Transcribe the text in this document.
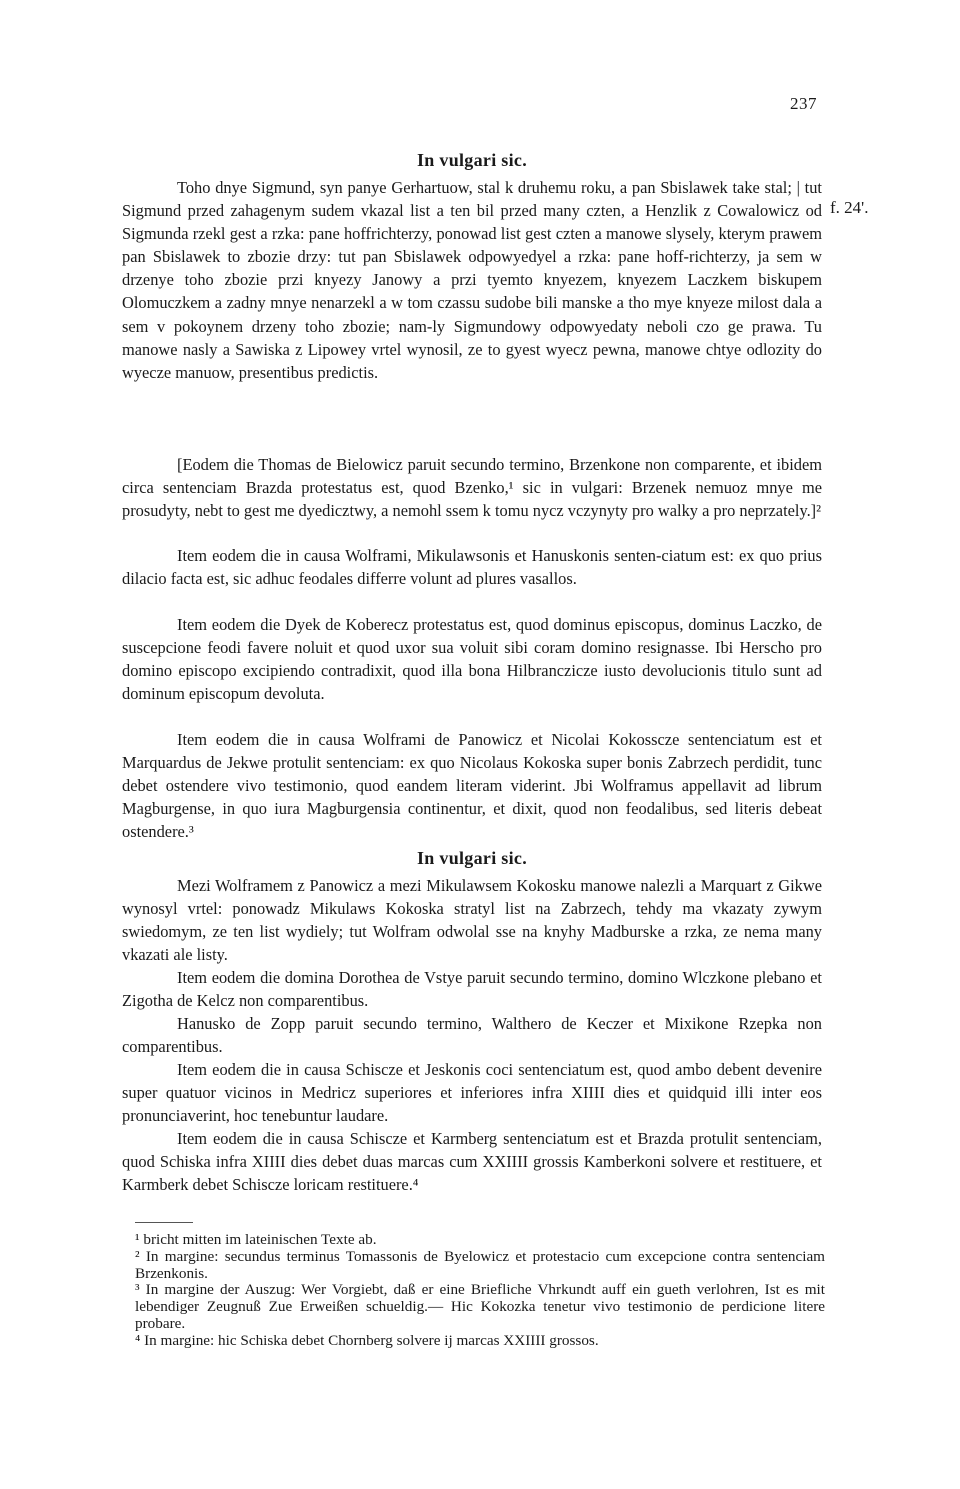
237
f. 24'.
In vulgari sic.

Toho dnye Sigmund, syn panye Gerhartuow, stal k druhemu roku, a pan Sbislawek take stal; | tut Sigmund przed zahagenym sudem vkazal list a ten bil przed many czten, a Henzlik z Cowalowicz od Sigmunda rzekl gest a rzka: pane hoffrichterzy, ponowad list gest czten a manowe slysely, kterym prawem pan Sbislawek to zbozie drzy: tut pan Sbislawek odpowyedyel a rzka: pane hoff-richterzy, ja sem w drzenye toho zbozie przi knyezy Janowy a przi tyemto knyezem, knyezem Laczkem biskupem Olomuczkem a zadny mnye nenarzekl a w tom czassu sudobe bili manske a tho mye knyeze milost dala a sem v pokoynem drzeny toho zbozie; nam-ly Sigmundowy odpowyedaty neboli czo ge prawa. Tu manowe nasly a Sawiska z Lipowey vrtel wynosil, ze to gyest wyecz pewna, manowe chtye odlozity do wyecze manuow, presentibus predictis.

[Eodem die Thomas de Bielowicz paruit secundo termino, Brzenkone non comparente, et ibidem circa sentenciam Brazda protestatus est, quod Bzenko,¹ sic in vulgari: Brzenek nemuoz mnye me prosudyty, nebt to gest me dyedicztwy, a nemohl ssem k tomu nycz vczynyty pro walky a pro neprzately.]²

Item eodem die in causa Wolframi, Mikulawsonis et Hanuskonis senten-ciatum est: ex quo prius dilacio facta est, sic adhuc feodales differre volunt ad plures vasallos.

Item eodem die Dyek de Koberecz protestatus est, quod dominus episcopus, dominus Laczko, de suscepcione feodi favere noluit et quod uxor sua voluit sibi coram domino resignasse. Ibi Herscho pro domino episcopo excipiendo contradixit, quod illa bona Hilbranczicze iusto devolucionis titulo sunt ad dominum episcopum devoluta.

Item eodem die in causa Wolframi de Panowicz et Nicolai Kokossczе sentenciatum est et Marquardus de Jekwe protulit sentenciam: ex quo Nicolaus Kokoska super bonis Zabrzech perdidit, tunc debet ostendere vivo testimonio, quod eandem literam viderint. Jbi Wolframus appellavit ad librum Magburgense, in quo iura Magburgensia continentur, et dixit, quod non feodalibus, sed literis debeat ostendere.³

In vulgari sic.

Mezi Wolframem z Panowicz a mezi Mikulawsem Kokosku manowe nalezli a Marquart z Gikwe wynosyl vrtel: ponowadz Mikulaws Kokoska stratyl list na Zabrzech, tehdy ma vkazaty zywym swiedomym, ze ten list wydiely; tut Wolfram odwolal sse na knyhy Madburske a rzka, ze nema many vkazati ale listy.

Item eodem die domina Dorothea de Vstye paruit secundo termino, domino Wlczkone plebano et Zigotha de Kelcz non comparentibus.

Hanusko de Zopp paruit secundo termino, Walthero de Keczer et Mixikone Rzepka non comparentibus.

Item eodem die in causa Schiscze et Jeskonis coci sentenciatum est, quod ambo debent devenire super quatuor vicinos in Medricz superiores et inferiores infra XIIII dies et quidquid illi inter eos pronunciaverint, hoc tenebuntur laudare.

Item eodem die in causa Schiscze et Karmberg sentenciatum est et Brazda protulit sentenciam, quod Schiska infra XIIII dies debet duas marcas cum XXIIII grossis Kamberkoni solvere et restituere, et Karmberk debet Schiscze loricam restituere.⁴

¹ bricht mitten im lateinischen Texte ab.

² In margine: secundus terminus Tomassonis de Byelowicz et protestacio cum excepcione contra sentenciam Brzenkonis.

³ In margine der Auszug: Wer Vorgiebt, daß er eine Briefliche Vhrkundt auff ein gueth verlohren, Ist es mit lebendiger Zeugnuß Zue Erweißen schueldig.— Hic Kokozka tenetur vivo testimonio de perdicione litere probare.

⁴ In margine: hic Schiska debet Chornberg solvere ij marcas XXIIII grossos.
